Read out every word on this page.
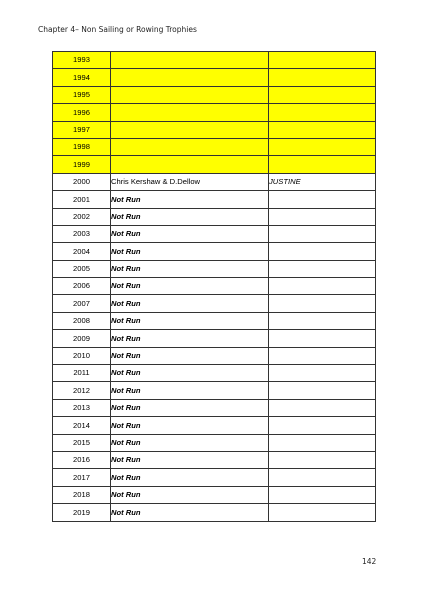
Chapter 4– Non Sailing or Rowing Trophies
1993		
1994		
1995		
1996		
1997		
1998		
1999		
2000	Chris Kershaw & D.Dellow	JUSTINE
2001	Not Run	
2002	Not Run	
2003	Not Run	
2004	Not Run	
2005	Not Run	
2006	Not Run	
2007	Not Run	
2008	Not Run	
2009	Not Run	
2010	Not Run	
2011	Not Run	
2012	Not Run	
2013	Not Run	
2014	Not Run	
2015	Not Run	
2016	Not Run	
2017	Not Run	
2018	Not Run	
2019	Not Run	
142
